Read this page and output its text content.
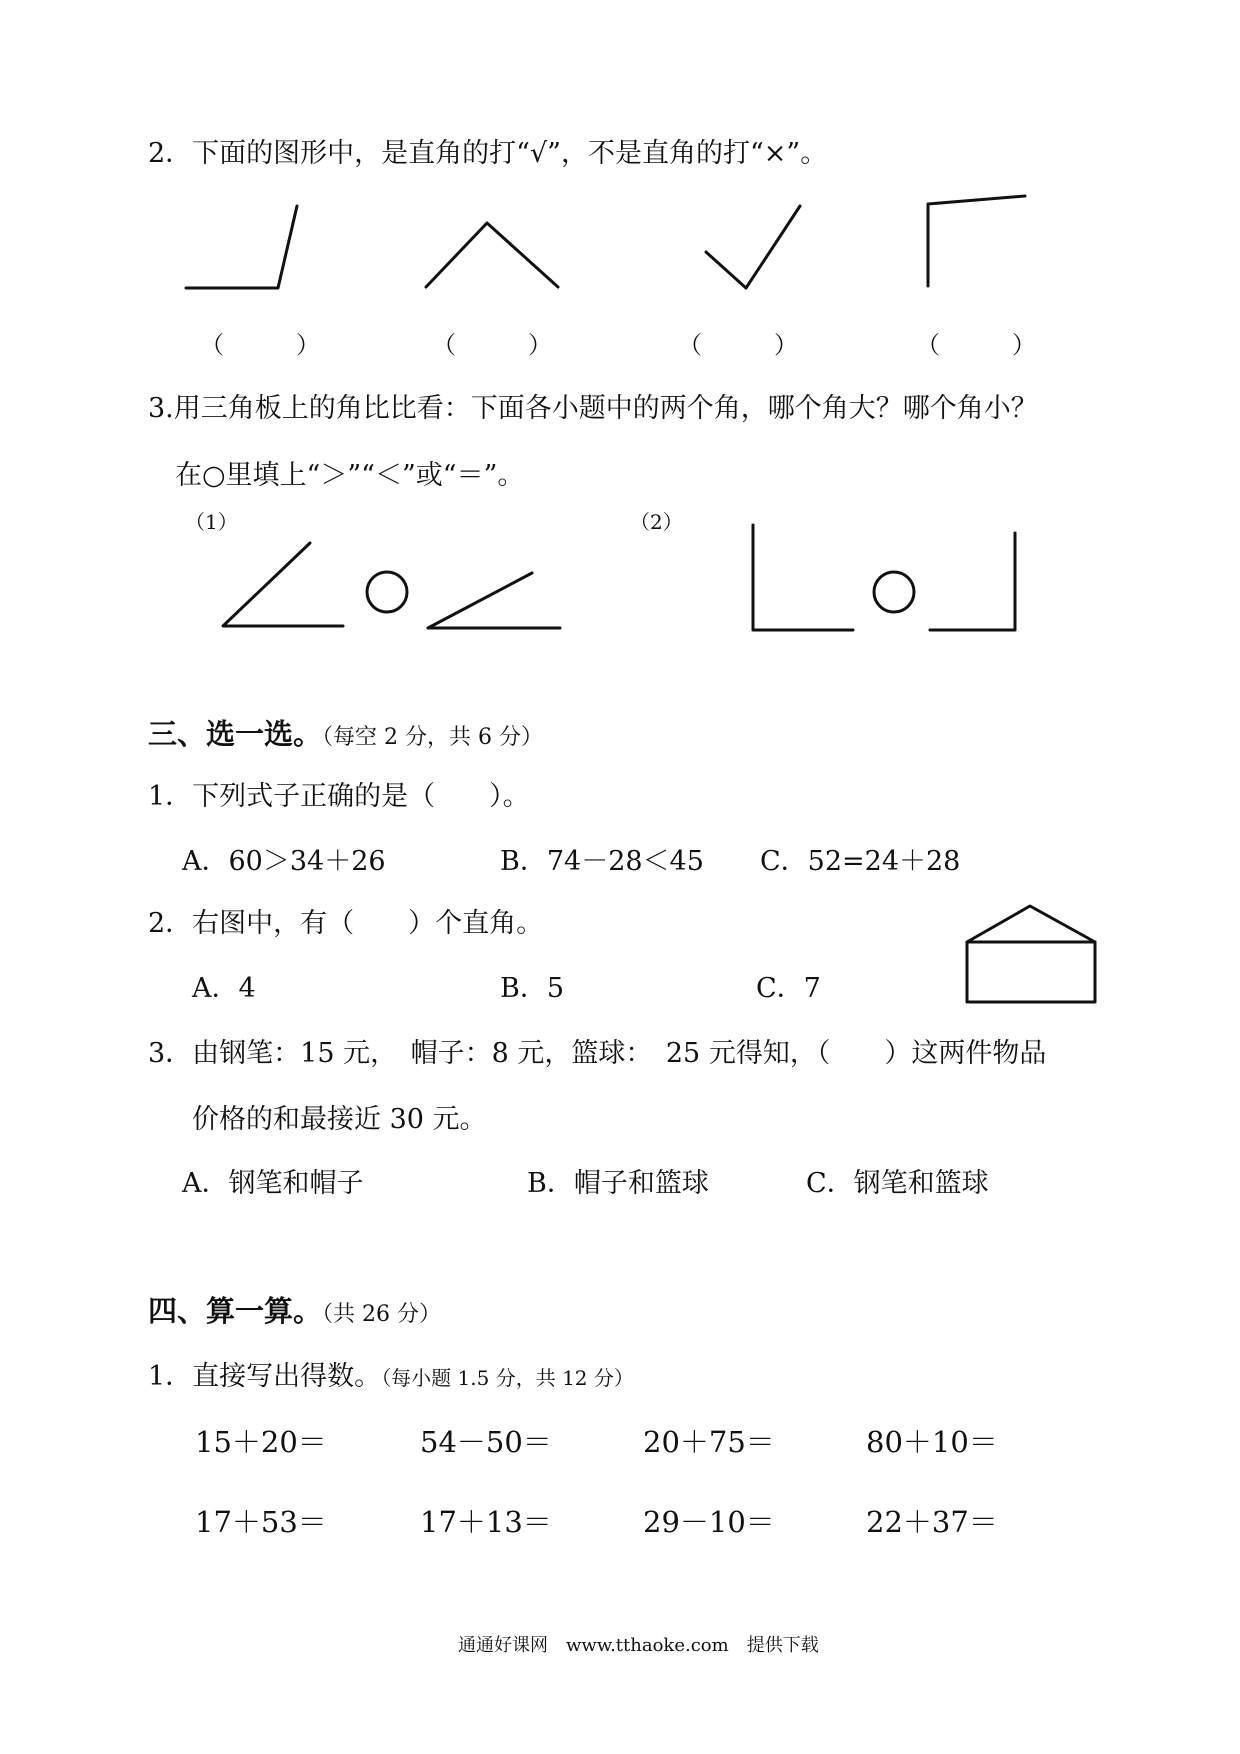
2．下面的图形中，是直角的打“√”，不是直角的打“×”。
（　　　）	（　　　）	（　　　）	（　　　）
3.用三角板上的角比比看：下面各小题中的两个角，哪个角大？哪个角小？
在○里填上“＞”“＜”或“＝”。
（1）	（2）
三、选一选。（每空 2 分，共 6 分）
1．下列式子正确的是（　　）。
A．60＞34＋26	B．74－28＜45 C．52=24＋28
2．右图中，有（　　）个直角。
A．4	B．5	C．7
3．由钢笔：15 元，　帽子：8 元，篮球：　25 元得知，（　　）这两件物品
价格的和最接近 30 元。
A．钢笔和帽子	B．帽子和篮球	C．钢笔和篮球
四、算一算。（共 26 分）
1．直接写出得数。（每小题 1.5 分，共 12 分）
15＋20＝	54－50＝	20＋75＝	80＋10＝
17＋53＝	17＋13＝	29－10＝	22＋37＝
通通好课网　www.tthaoke.com　提供下载
